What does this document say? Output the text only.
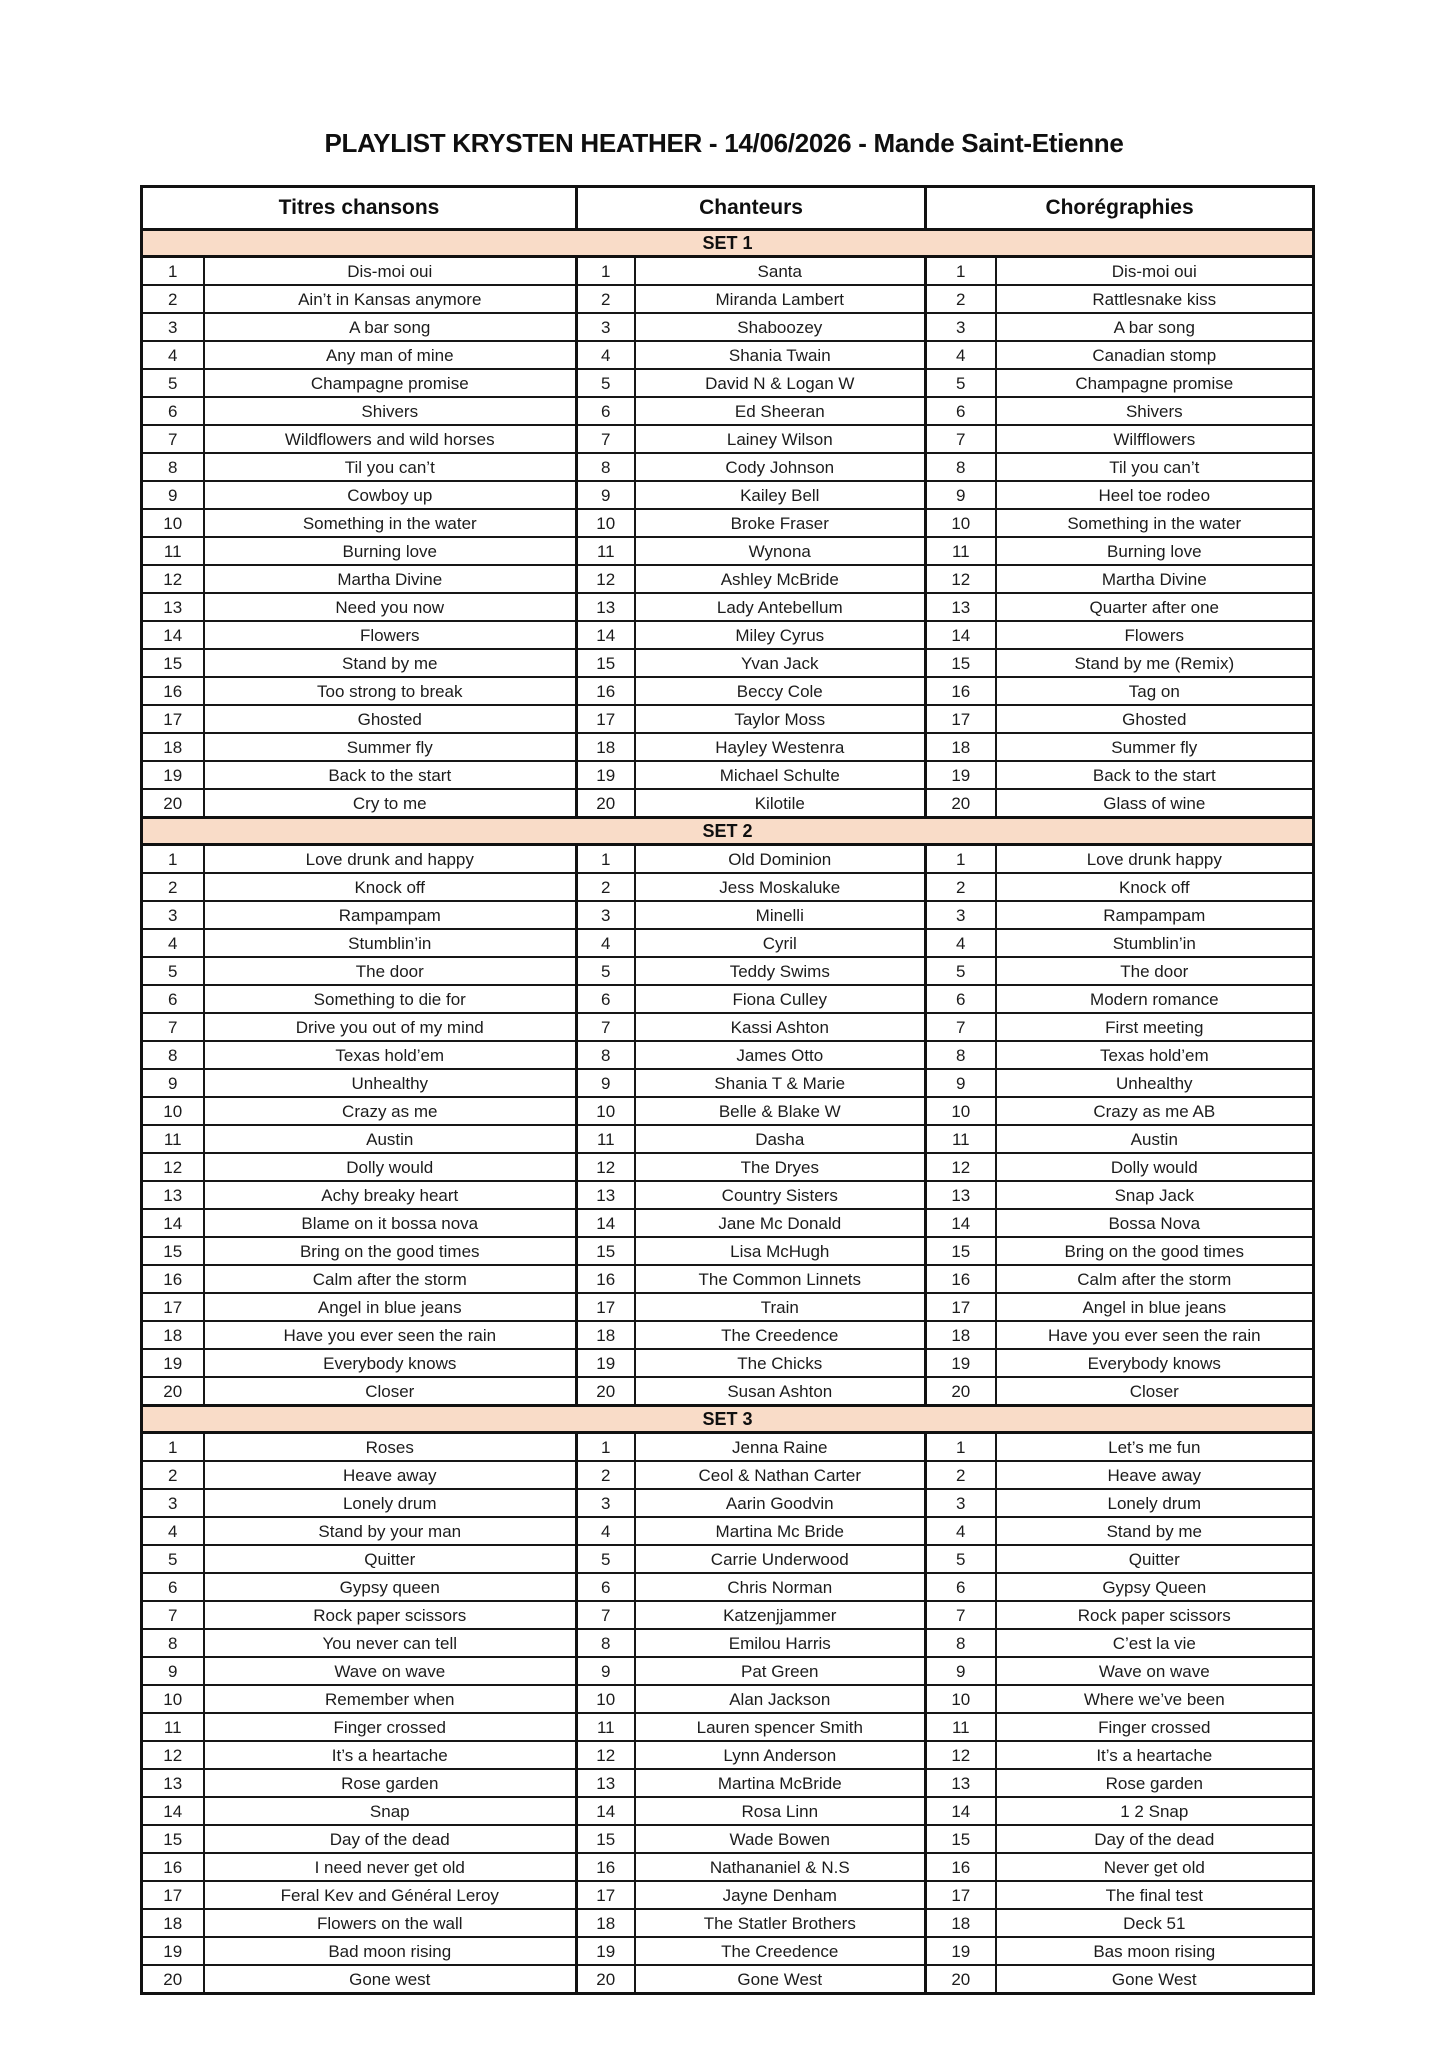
PLAYLIST KRYSTEN HEATHER - 14/06/2026 - Mande Saint-Etienne
Titres chansons		Chanteurs		Chorégraphies	
SET 1					
1	Dis-moi oui	1	Santa	1	Dis-moi oui
2	Ain’t in Kansas anymore	2	Miranda Lambert	2	Rattlesnake kiss
3	A bar song	3	Shaboozey	3	A bar song
4	Any man of mine	4	Shania Twain	4	Canadian stomp
5	Champagne promise	5	David N & Logan W	5	Champagne promise
6	Shivers	6	Ed Sheeran	6	Shivers
7	Wildflowers and wild horses	7	Lainey Wilson	7	Wilfflowers
8	Til you can’t	8	Cody Johnson	8	Til you can’t
9	Cowboy up	9	Kailey Bell	9	Heel toe rodeo
10	Something in the water	10	Broke Fraser	10	Something in the water
11	Burning love	11	Wynona	11	Burning love
12	Martha Divine	12	Ashley McBride	12	Martha Divine
13	Need you now	13	Lady Antebellum	13	Quarter after one
14	Flowers	14	Miley Cyrus	14	Flowers
15	Stand by me	15	Yvan Jack	15	Stand by me (Remix)
16	Too strong to break	16	Beccy Cole	16	Tag on
17	Ghosted	17	Taylor Moss	17	Ghosted
18	Summer fly	18	Hayley Westenra	18	Summer fly
19	Back to the start	19	Michael Schulte	19	Back to the start
20	Cry to me	20	Kilotile	20	Glass of wine
SET 2					
1	Love drunk and happy	1	Old Dominion	1	Love drunk happy
2	Knock off	2	Jess Moskaluke	2	Knock off
3	Rampampam	3	Minelli	3	Rampampam
4	Stumblin’in	4	Cyril	4	Stumblin’in
5	The door	5	Teddy Swims	5	The door
6	Something to die for	6	Fiona Culley	6	Modern romance
7	Drive you out of my mind	7	Kassi Ashton	7	First meeting
8	Texas hold’em	8	James Otto	8	Texas hold’em
9	Unhealthy	9	Shania T & Marie	9	Unhealthy
10	Crazy as me	10	Belle & Blake W	10	Crazy as me AB
11	Austin	11	Dasha	11	Austin
12	Dolly would	12	The Dryes	12	Dolly would
13	Achy breaky heart	13	Country Sisters	13	Snap Jack
14	Blame on it bossa nova	14	Jane Mc Donald	14	Bossa Nova
15	Bring on the good times	15	Lisa McHugh	15	Bring on the good times
16	Calm after the storm	16	The Common Linnets	16	Calm after the storm
17	Angel in blue jeans	17	Train	17	Angel in blue jeans
18	Have you ever seen the rain	18	The Creedence	18	Have you ever seen the rain
19	Everybody knows	19	The Chicks	19	Everybody knows
20	Closer	20	Susan Ashton	20	Closer
SET 3					
1	Roses	1	Jenna Raine	1	Let’s me fun
2	Heave away	2	Ceol & Nathan Carter	2	Heave away
3	Lonely drum	3	Aarin Goodvin	3	Lonely drum
4	Stand by your man	4	Martina Mc Bride	4	Stand by me
5	Quitter	5	Carrie Underwood	5	Quitter
6	Gypsy queen	6	Chris Norman	6	Gypsy Queen
7	Rock paper scissors	7	Katzenjjammer	7	Rock paper scissors
8	You never can tell	8	Emilou Harris	8	C’est la vie
9	Wave on wave	9	Pat Green	9	Wave on wave
10	Remember when	10	Alan Jackson	10	Where we’ve been
11	Finger crossed	11	Lauren spencer Smith	11	Finger crossed
12	It’s a heartache	12	Lynn Anderson	12	It’s a heartache
13	Rose garden	13	Martina McBride	13	Rose garden
14	Snap	14	Rosa Linn	14	1 2 Snap
15	Day of the dead	15	Wade Bowen	15	Day of the dead
16	I need never get old	16	Nathananiel & N.S	16	Never get old
17	Feral Kev and Général Leroy	17	Jayne Denham	17	The final test
18	Flowers on the wall	18	The Statler Brothers	18	Deck 51
19	Bad moon rising	19	The Creedence	19	Bas moon rising
20	Gone west	20	Gone West	20	Gone West
